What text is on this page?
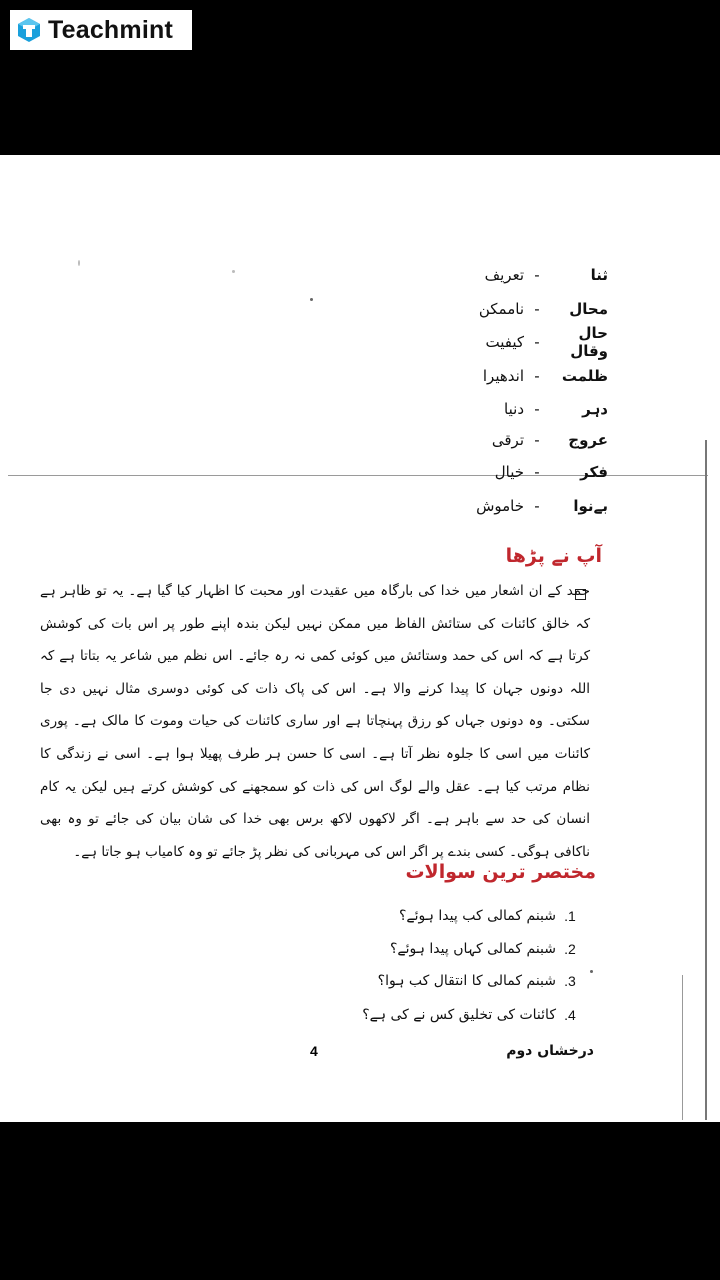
Teachmint
ثنا
-
تعریف
محال
-
ناممکن
حال وقال
-
کیفیت
ظلمت
-
اندھیرا
دہر
-
دنیا
عروج
-
ترقی
فکر
-
خیال
بےنوا
-
خاموش
آپ نے پڑھا
حمد کے ان اشعار میں خدا کی بارگاہ میں عقیدت اور محبت کا اظہار کیا گیا ہے۔ یہ تو ظاہر ہے کہ خالق کائنات کی ستائش الفاظ میں ممکن نہیں لیکن بندہ اپنے طور پر اس بات کی کوشش کرتا ہے کہ اس کی حمد وستائش میں کوئی کمی نہ رہ جائے۔ اس نظم میں شاعر یہ بتاتا ہے کہ اللہ دونوں جہان کا پیدا کرنے والا ہے۔ اس کی پاک ذات کی کوئی دوسری مثال نہیں دی جا سکتی۔ وہ دونوں جہاں کو رزق پہنچاتا ہے اور ساری کائنات کی حیات وموت کا مالک ہے۔ پوری کائنات میں اسی کا جلوہ نظر آتا ہے۔ اسی کا حسن ہر طرف پھیلا ہوا ہے۔ اسی نے زندگی کا نظام مرتب کیا ہے۔ عقل والے لوگ اس کی ذات کو سمجھنے کی کوشش کرتے ہیں لیکن یہ کام انسان کی حد سے باہر ہے۔ اگر لاکھوں لاکھ برس بھی خدا کی شان بیان کی جائے تو وہ بھی ناکافی ہوگی۔ کسی بندے پر اگر اس کی مہربانی کی نظر پڑ جائے تو وہ کامیاب ہو جاتا ہے۔
مختصر ترین سوالات
1.
شبنم کمالی کب پیدا ہوئے؟
2.
شبنم کمالی کہاں پیدا ہوئے؟
3.
شبنم کمالی کا انتقال کب ہوا؟
4.
کائنات کی تخلیق کس نے کی ہے؟
4	درخشاں دوم
